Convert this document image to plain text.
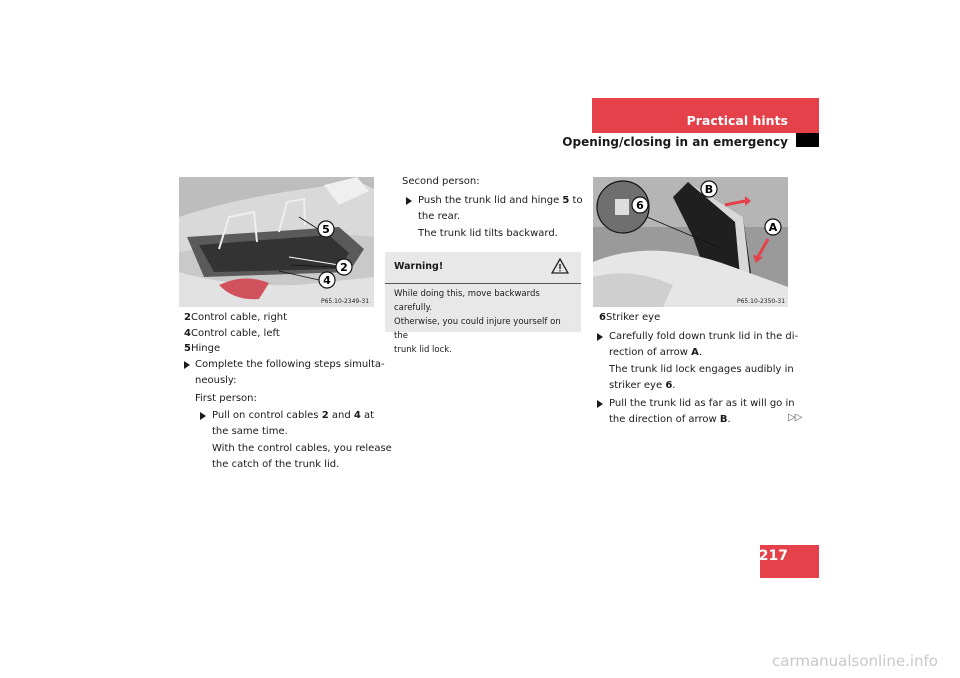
Practical hints
Opening/closing in an emergency
5
2
4
P65.10-2349-31
2Control cable, right
4Control cable, left
5Hinge
Complete the following steps simulta-
neously:
First person:
Pull on control cables 2 and 4 at
the same time.
With the control cables, you release
the catch of the trunk lid.
Second person:
Push the trunk lid and hinge 5 to
the rear.
The trunk lid tilts backward.
Warning!
While doing this, move backwards carefully.
Otherwise, you could injure yourself on the
trunk lid lock.
B
6
A
P65.10-2350-31
6Striker eye
Carefully fold down trunk lid in the di-
rection of arrow A.
The trunk lid lock engages audibly in
striker eye 6.
Pull the trunk lid as far as it will go in
the direction of arrow B.	▷▷
217
carmanualsonline.info
